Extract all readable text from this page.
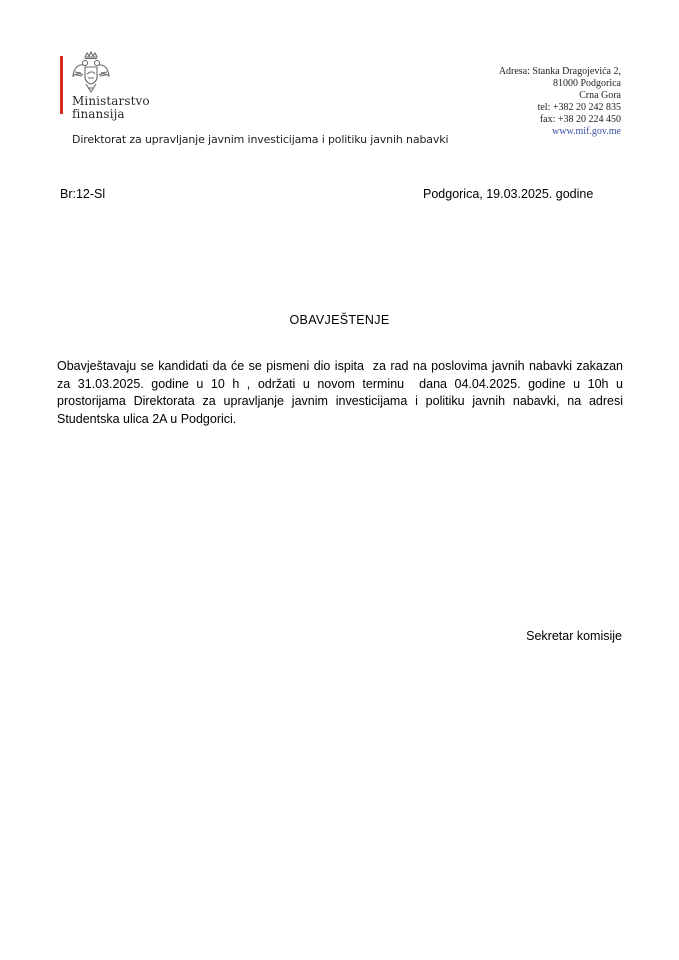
Ministarstvo
finansija
Direktorat za upravljanje javnim investicijama i politiku javnih nabavki
Adresa: Stanka Dragojevića 2,
81000 Podgorica
Crna Gora
tel: +382 20 242 835
fax: +38 20 224 450
www.mif.gov.me
Br:12-Sl	Podgorica, 19.03.2025. godine
OBAVJEŠTENJE
Obavještavaju se kandidati da će se pismeni dio ispita  za rad na poslovima javnih nabavki zakazan za 31.03.2025. godine u 10 h , održati u novom terminu  dana 04.04.2025. godine u 10h u prostorijama Direktorata za upravljanje javnim investicijama i politiku javnih nabavki, na adresi Studentska ulica 2A u Podgorici.
Sekretar komisije
